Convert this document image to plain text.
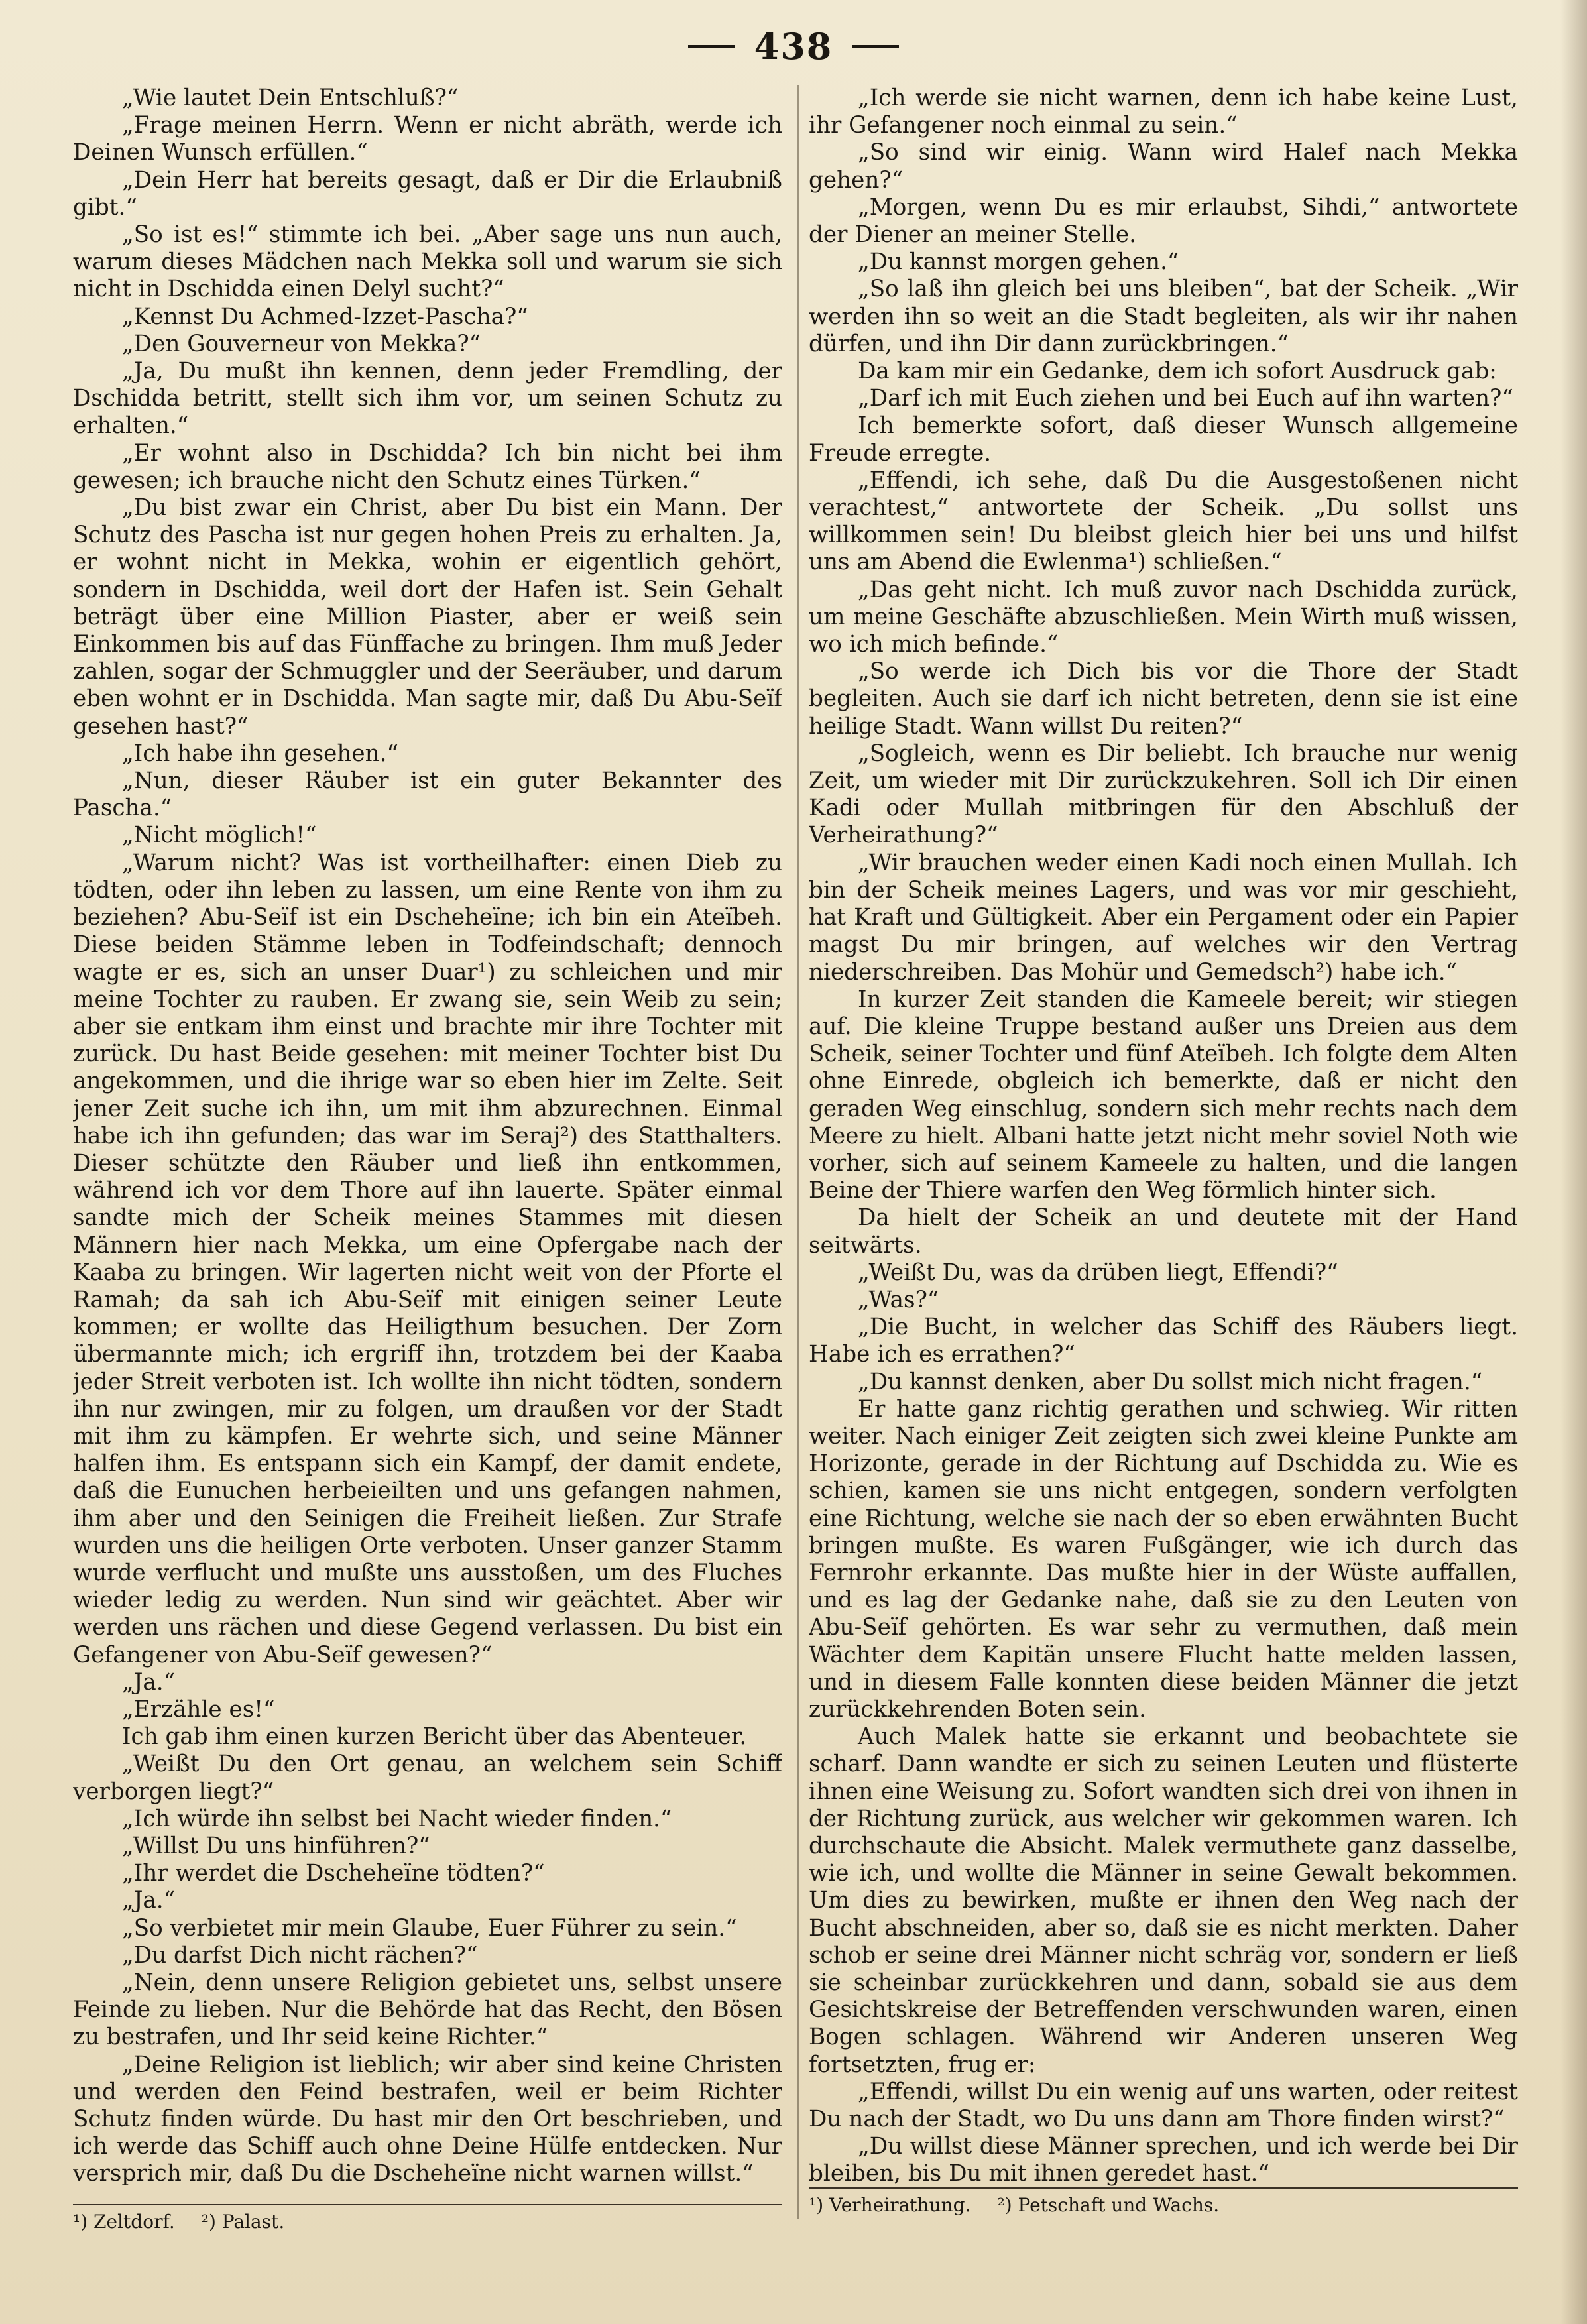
438

„Wie lautet Dein Entschluß?“

„Frage meinen Herrn. Wenn er nicht abräth, werde ich Deinen Wunsch erfüllen.“

„Dein Herr hat bereits gesagt, daß er Dir die Erlaubniß gibt.“

„So ist es!“ stimmte ich bei. „Aber sage uns nun auch, warum dieses Mädchen nach Mekka soll und warum sie sich nicht in Dschidda einen Delyl sucht?“

„Kennst Du Achmed-Izzet-Pascha?“

„Den Gouverneur von Mekka?“

„Ja, Du mußt ihn kennen, denn jeder Fremdling, der Dschidda betritt, stellt sich ihm vor, um seinen Schutz zu erhalten.“

„Er wohnt also in Dschidda? Ich bin nicht bei ihm gewesen; ich brauche nicht den Schutz eines Türken.“

„Du bist zwar ein Christ, aber Du bist ein Mann. Der Schutz des Pascha ist nur gegen hohen Preis zu erhalten. Ja, er wohnt nicht in Mekka, wohin er eigentlich gehört, sondern in Dschidda, weil dort der Hafen ist. Sein Gehalt beträgt über eine Million Piaster, aber er weiß sein Einkommen bis auf das Fünffache zu bringen. Ihm muß Jeder zahlen, sogar der Schmuggler und der Seeräuber, und darum eben wohnt er in Dschidda. Man sagte mir, daß Du Abu-Seïf gesehen hast?“

„Ich habe ihn gesehen.“

„Nun, dieser Räuber ist ein guter Bekannter des Pascha.“

„Nicht möglich!“

„Warum nicht? Was ist vortheilhafter: einen Dieb zu tödten, oder ihn leben zu lassen, um eine Rente von ihm zu beziehen? Abu-Seïf ist ein Dscheheïne; ich bin ein Ateïbeh. Diese beiden Stämme leben in Todfeindschaft; dennoch wagte er es, sich an unser Duar¹) zu schleichen und mir meine Tochter zu rauben. Er zwang sie, sein Weib zu sein; aber sie entkam ihm einst und brachte mir ihre Tochter mit zurück. Du hast Beide gesehen: mit meiner Tochter bist Du angekommen, und die ihrige war so eben hier im Zelte. Seit jener Zeit suche ich ihn, um mit ihm abzurechnen. Einmal habe ich ihn gefunden; das war im Seraj²) des Statthalters. Dieser schützte den Räuber und ließ ihn entkommen, während ich vor dem Thore auf ihn lauerte. Später einmal sandte mich der Scheik meines Stammes mit diesen Männern hier nach Mekka, um eine Opfergabe nach der Kaaba zu bringen. Wir lagerten nicht weit von der Pforte el Ramah; da sah ich Abu-Seïf mit einigen seiner Leute kommen; er wollte das Heiligthum besuchen. Der Zorn übermannte mich; ich ergriff ihn, trotzdem bei der Kaaba jeder Streit verboten ist. Ich wollte ihn nicht tödten, sondern ihn nur zwingen, mir zu folgen, um draußen vor der Stadt mit ihm zu kämpfen. Er wehrte sich, und seine Männer halfen ihm. Es entspann sich ein Kampf, der damit endete, daß die Eunuchen herbeieilten und uns gefangen nahmen, ihm aber und den Seinigen die Freiheit ließen. Zur Strafe wurden uns die heiligen Orte verboten. Unser ganzer Stamm wurde verflucht und mußte uns ausstoßen, um des Fluches wieder ledig zu werden. Nun sind wir geächtet. Aber wir werden uns rächen und diese Gegend verlassen. Du bist ein Gefangener von Abu-Seïf gewesen?“

„Ja.“

„Erzähle es!“

Ich gab ihm einen kurzen Bericht über das Abenteuer.

„Weißt Du den Ort genau, an welchem sein Schiff verborgen liegt?“

„Ich würde ihn selbst bei Nacht wieder finden.“

„Willst Du uns hinführen?“

„Ihr werdet die Dscheheïne tödten?“

„Ja.“

„So verbietet mir mein Glaube, Euer Führer zu sein.“

„Du darfst Dich nicht rächen?“

„Nein, denn unsere Religion gebietet uns, selbst unsere Feinde zu lieben. Nur die Behörde hat das Recht, den Bösen zu bestrafen, und Ihr seid keine Richter.“

„Deine Religion ist lieblich; wir aber sind keine Christen und werden den Feind bestrafen, weil er beim Richter Schutz finden würde. Du hast mir den Ort beschrieben, und ich werde das Schiff auch ohne Deine Hülfe entdecken. Nur versprich mir, daß Du die Dscheheïne nicht warnen willst.“

„Ich werde sie nicht warnen, denn ich habe keine Lust, ihr Gefangener noch einmal zu sein.“

„So sind wir einig. Wann wird Halef nach Mekka gehen?“

„Morgen, wenn Du es mir erlaubst, Sihdi,“ antwortete der Diener an meiner Stelle.

„Du kannst morgen gehen.“

„So laß ihn gleich bei uns bleiben“, bat der Scheik. „Wir werden ihn so weit an die Stadt begleiten, als wir ihr nahen dürfen, und ihn Dir dann zurückbringen.“

Da kam mir ein Gedanke, dem ich sofort Ausdruck gab:

„Darf ich mit Euch ziehen und bei Euch auf ihn warten?“

Ich bemerkte sofort, daß dieser Wunsch allgemeine Freude erregte.

„Effendi, ich sehe, daß Du die Ausgestoßenen nicht verachtest,“ antwortete der Scheik. „Du sollst uns willkommen sein! Du bleibst gleich hier bei uns und hilfst uns am Abend die Ewlenma¹) schließen.“

„Das geht nicht. Ich muß zuvor nach Dschidda zurück, um meine Geschäfte abzuschließen. Mein Wirth muß wissen, wo ich mich befinde.“

„So werde ich Dich bis vor die Thore der Stadt begleiten. Auch sie darf ich nicht betreten, denn sie ist eine heilige Stadt. Wann willst Du reiten?“

„Sogleich, wenn es Dir beliebt. Ich brauche nur wenig Zeit, um wieder mit Dir zurückzukehren. Soll ich Dir einen Kadi oder Mullah mitbringen für den Abschluß der Verheirathung?“

„Wir brauchen weder einen Kadi noch einen Mullah. Ich bin der Scheik meines Lagers, und was vor mir geschieht, hat Kraft und Gültigkeit. Aber ein Pergament oder ein Papier magst Du mir bringen, auf welches wir den Vertrag niederschreiben. Das Mohür und Gemedsch²) habe ich.“

In kurzer Zeit standen die Kameele bereit; wir stiegen auf. Die kleine Truppe bestand außer uns Dreien aus dem Scheik, seiner Tochter und fünf Ateïbeh. Ich folgte dem Alten ohne Einrede, obgleich ich bemerkte, daß er nicht den geraden Weg einschlug, sondern sich mehr rechts nach dem Meere zu hielt. Albani hatte jetzt nicht mehr soviel Noth wie vorher, sich auf seinem Kameele zu halten, und die langen Beine der Thiere warfen den Weg förmlich hinter sich.

Da hielt der Scheik an und deutete mit der Hand seitwärts.

„Weißt Du, was da drüben liegt, Effendi?“

„Was?“

„Die Bucht, in welcher das Schiff des Räubers liegt. Habe ich es errathen?“

„Du kannst denken, aber Du sollst mich nicht fragen.“

Er hatte ganz richtig gerathen und schwieg. Wir ritten weiter. Nach einiger Zeit zeigten sich zwei kleine Punkte am Horizonte, gerade in der Richtung auf Dschidda zu. Wie es schien, kamen sie uns nicht entgegen, sondern verfolgten eine Richtung, welche sie nach der so eben erwähnten Bucht bringen mußte. Es waren Fußgänger, wie ich durch das Fernrohr erkannte. Das mußte hier in der Wüste auffallen, und es lag der Gedanke nahe, daß sie zu den Leuten von Abu-Seïf gehörten. Es war sehr zu vermuthen, daß mein Wächter dem Kapitän unsere Flucht hatte melden lassen, und in diesem Falle konnten diese beiden Männer die jetzt zurückkehrenden Boten sein.

Auch Malek hatte sie erkannt und beobachtete sie scharf. Dann wandte er sich zu seinen Leuten und flüsterte ihnen eine Weisung zu. Sofort wandten sich drei von ihnen in der Richtung zurück, aus welcher wir gekommen waren. Ich durchschaute die Absicht. Malek vermuthete ganz dasselbe, wie ich, und wollte die Männer in seine Gewalt bekommen. Um dies zu bewirken, mußte er ihnen den Weg nach der Bucht abschneiden, aber so, daß sie es nicht merkten. Daher schob er seine drei Männer nicht schräg vor, sondern er ließ sie scheinbar zurückkehren und dann, sobald sie aus dem Gesichtskreise der Betreffenden verschwunden waren, einen Bogen schlagen. Während wir Anderen unseren Weg fortsetzten, frug er:

„Effendi, willst Du ein wenig auf uns warten, oder reitest Du nach der Stadt, wo Du uns dann am Thore finden wirst?“

„Du willst diese Männer sprechen, und ich werde bei Dir bleiben, bis Du mit ihnen geredet hast.“

¹) Zeltdorf. ²) Palast.
¹) Verheirathung. ²) Petschaft und Wachs.
